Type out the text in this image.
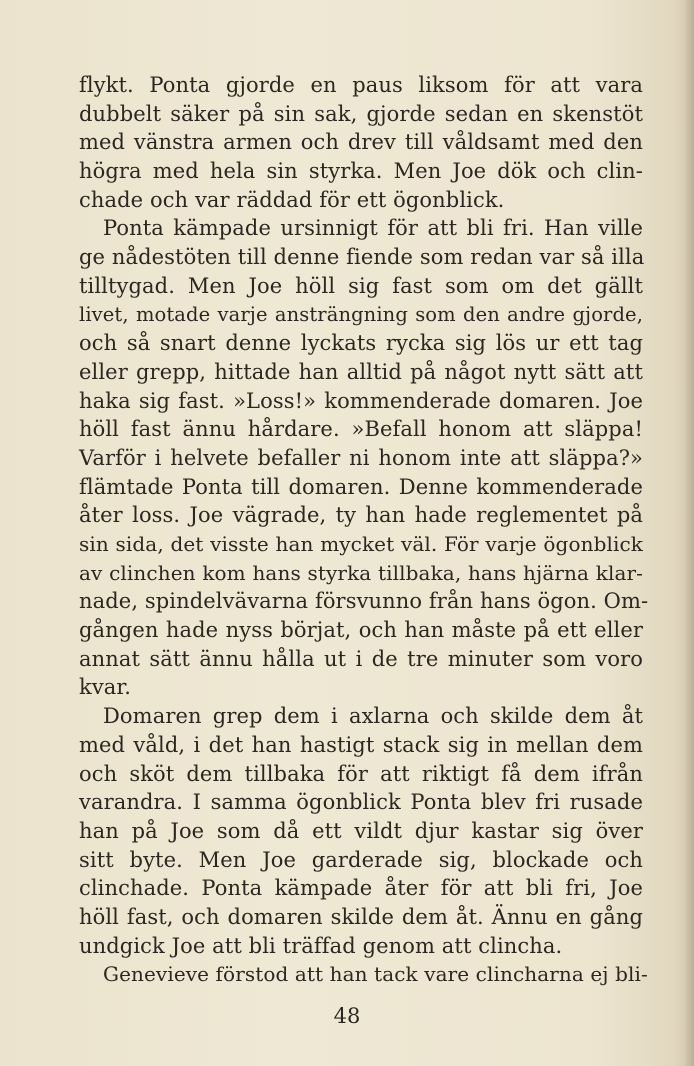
flykt. Ponta gjorde en paus liksom för att vara
dubbelt säker på sin sak, gjorde sedan en skenstöt
med vänstra armen och drev till våldsamt med den
högra med hela sin styrka. Men Joe dök och clin-
chade och var räddad för ett ögonblick.
Ponta kämpade ursinnigt för att bli fri. Han ville
ge nådestöten till denne fiende som redan var så illa
tilltygad. Men Joe höll sig fast som om det gällt
livet, motade varje ansträngning som den andre gjorde,
och så snart denne lyckats rycka sig lös ur ett tag
eller grepp, hittade han alltid på något nytt sätt att
haka sig fast. »Loss!» kommenderade domaren. Joe
höll fast ännu hårdare. »Befall honom att släppa!
Varför i helvete befaller ni honom inte att släppa?»
flämtade Ponta till domaren. Denne kommenderade
åter loss. Joe vägrade, ty han hade reglementet på
sin sida, det visste han mycket väl. För varje ögonblick
av clinchen kom hans styrka tillbaka, hans hjärna klar-
nade, spindelvävarna försvunno från hans ögon. Om-
gången hade nyss börjat, och han måste på ett eller
annat sätt ännu hålla ut i de tre minuter som voro
kvar.
Domaren grep dem i axlarna och skilde dem åt
med våld, i det han hastigt stack sig in mellan dem
och sköt dem tillbaka för att riktigt få dem ifrån
varandra. I samma ögonblick Ponta blev fri rusade
han på Joe som då ett vildt djur kastar sig över
sitt byte. Men Joe garderade sig, blockade och
clinchade. Ponta kämpade åter för att bli fri, Joe
höll fast, och domaren skilde dem åt. Ännu en gång
undgick Joe att bli träffad genom att clincha.
Genevieve förstod att han tack vare clincharna ej bli-
48
